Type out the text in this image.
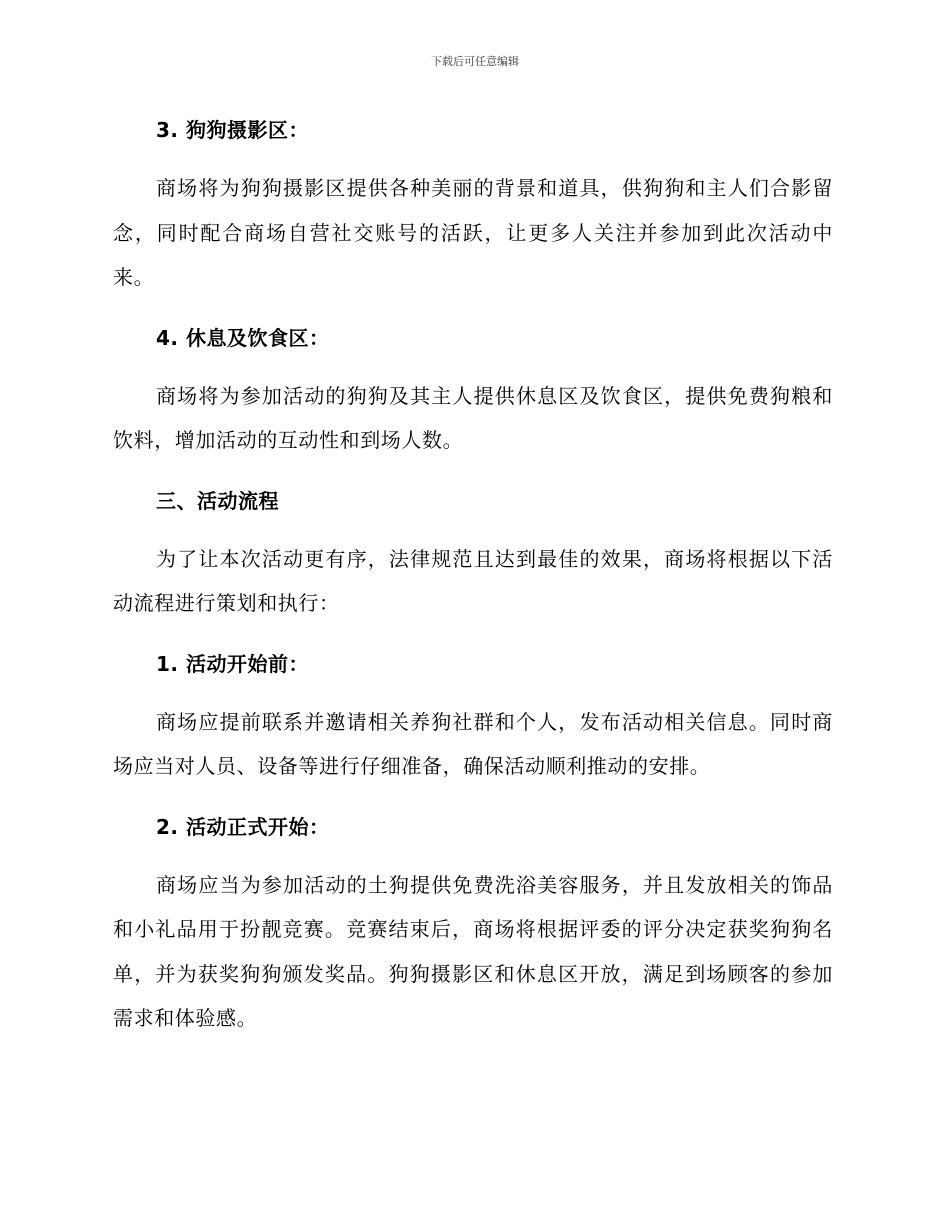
下载后可任意编辑
3. 狗狗摄影区：

商场将为狗狗摄影区提供各种美丽的背景和道具，供狗狗和主人们合影留念，同时配合商场自营社交账号的活跃，让更多人关注并参加到此次活动中来。

4. 休息及饮食区：

商场将为参加活动的狗狗及其主人提供休息区及饮食区，提供免费狗粮和饮料，增加活动的互动性和到场人数。

三、活动流程

为了让本次活动更有序，法律规范且达到最佳的效果，商场将根据以下活动流程进行策划和执行：

1. 活动开始前：

商场应提前联系并邀请相关养狗社群和个人，发布活动相关信息。同时商场应当对人员、设备等进行仔细准备，确保活动顺利推动的安排。

2. 活动正式开始：

商场应当为参加活动的土狗提供免费洗浴美容服务，并且发放相关的饰品和小礼品用于扮靓竞赛。竞赛结束后，商场将根据评委的评分决定获奖狗狗名单，并为获奖狗狗颁发奖品。狗狗摄影区和休息区开放，满足到场顾客的参加需求和体验感。
